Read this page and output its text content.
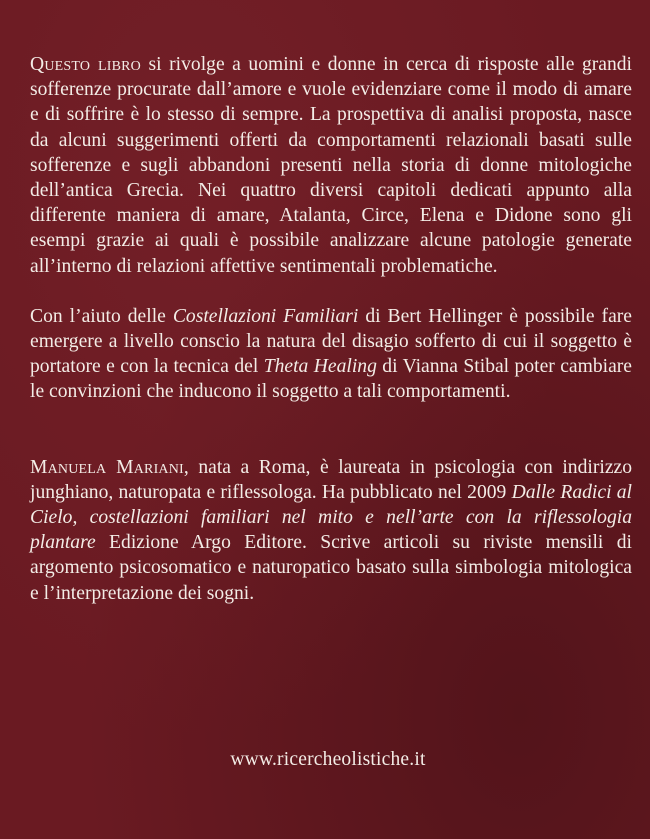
Questo libro si rivolge a uomini e donne in cerca di risposte alle grandi sofferenze procurate dall’amore e vuole evidenziare come il modo di amare e di soffrire è lo stesso di sempre. La prospettiva di analisi proposta, nasce da alcuni suggerimenti offerti da comportamenti relazionali basati sulle sofferenze e sugli abbandoni presenti nella storia di donne mitologiche dell’antica Grecia. Nei quattro diversi capitoli dedicati appunto alla differente maniera di amare, Atalanta, Circe, Elena e Didone sono gli esempi grazie ai quali è possibile analizzare alcune patologie generate all’interno di relazioni affettive sentimentali problematiche.

Con l’aiuto delle Costellazioni Familiari di Bert Hellinger è possibile fare emergere a livello conscio la natura del disagio sofferto di cui il soggetto è portatore e con la tecnica del Theta Healing di Vianna Stibal poter cambiare le convinzioni che inducono il soggetto a tali comportamenti.

Manuela Mariani, nata a Roma, è laureata in psicologia con indirizzo junghiano, naturopata e riflessologa. Ha pubblicato nel 2009 Dalle Radici al Cielo, costellazioni familiari nel mito e nell’arte con la riflessologia plantare Edizione Argo Editore. Scrive articoli su riviste mensili di argomento psicosomatico e naturopatico basato sulla simbologia mitologica e l’interpretazione dei sogni.

www.ricercheolistiche.it
